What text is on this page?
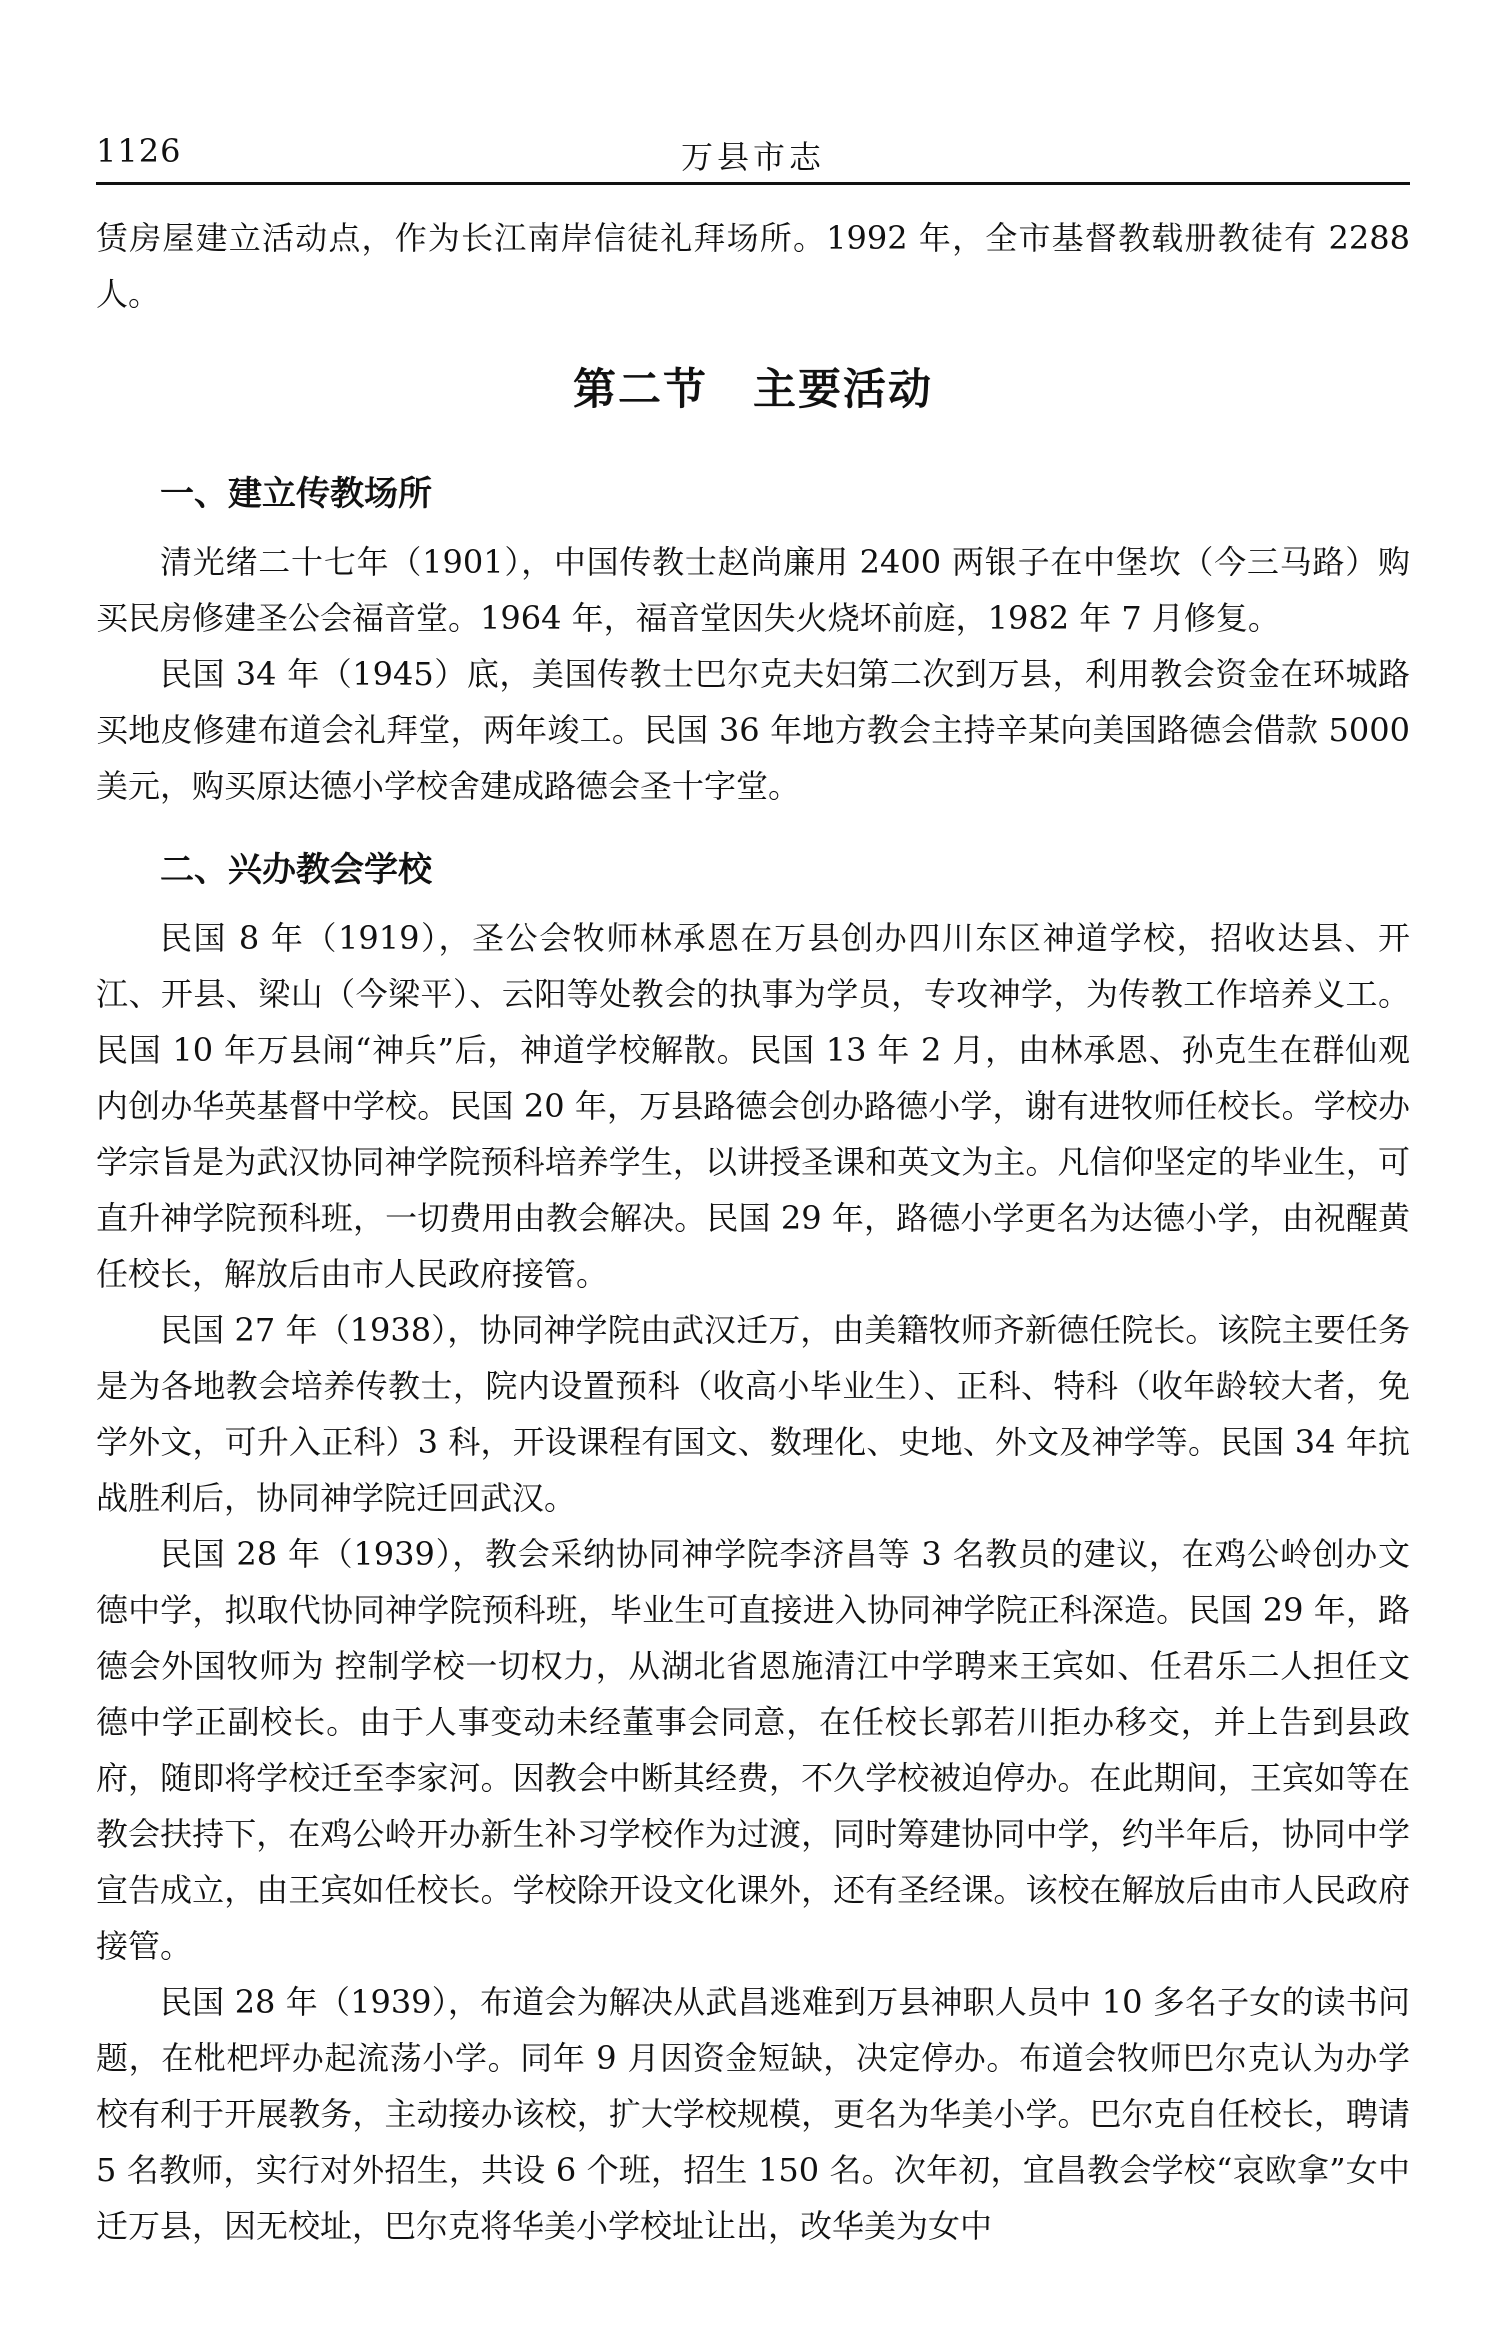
1126	万县市志

赁房屋建立活动点，作为长江南岸信徒礼拜场所。1992 年，全市基督教载册教徒有 2288 人。

第二节　主要活动
一、建立传教场所

清光绪二十七年（1901），中国传教士赵尚廉用 2400 两银子在中堡坎（今三马路）购买民房修建圣公会福音堂。1964 年，福音堂因失火烧坏前庭，1982 年 7 月修复。

民国 34 年（1945）底，美国传教士巴尔克夫妇第二次到万县，利用教会资金在环城路买地皮修建布道会礼拜堂，两年竣工。民国 36 年地方教会主持辛某向美国路德会借款 5000 美元，购买原达德小学校舍建成路德会圣十字堂。

二、兴办教会学校

民国 8 年（1919），圣公会牧师林承恩在万县创办四川东区神道学校，招收达县、开江、开县、梁山（今梁平）、云阳等处教会的执事为学员，专攻神学，为传教工作培养义工。民国 10 年万县闹“神兵”后，神道学校解散。民国 13 年 2 月，由林承恩、孙克生在群仙观内创办华英基督中学校。民国 20 年，万县路德会创办路德小学，谢有进牧师任校长。学校办学宗旨是为武汉协同神学院预科培养学生，以讲授圣课和英文为主。凡信仰坚定的毕业生，可直升神学院预科班，一切费用由教会解决。民国 29 年，路德小学更名为达德小学，由祝醒黄任校长，解放后由市人民政府接管。

民国 27 年（1938），协同神学院由武汉迁万，由美籍牧师齐新德任院长。该院主要任务是为各地教会培养传教士，院内设置预科（收高小毕业生）、正科、特科（收年龄较大者，免学外文，可升入正科）3 科，开设课程有国文、数理化、史地、外文及神学等。民国 34 年抗战胜利后，协同神学院迁回武汉。

民国 28 年（1939），教会采纳协同神学院李济昌等 3 名教员的建议，在鸡公岭创办文德中学，拟取代协同神学院预科班，毕业生可直接进入协同神学院正科深造。民国 29 年，路德会外国牧师为 控制学校一切权力，从湖北省恩施清江中学聘来王宾如、任君乐二人担任文德中学正副校长。由于人事变动未经董事会同意，在任校长郭若川拒办移交，并上告到县政府，随即将学校迁至李家河。因教会中断其经费，不久学校被迫停办。在此期间，王宾如等在教会扶持下，在鸡公岭开办新生补习学校作为过渡，同时筹建协同中学，约半年后，协同中学宣告成立，由王宾如任校长。学校除开设文化课外，还有圣经课。该校在解放后由市人民政府接管。

民国 28 年（1939），布道会为解决从武昌逃难到万县神职人员中 10 多名子女的读书问题，在枇杷坪办起流荡小学。同年 9 月因资金短缺，决定停办。布道会牧师巴尔克认为办学校有利于开展教务，主动接办该校，扩大学校规模，更名为华美小学。巴尔克自任校长，聘请 5 名教师，实行对外招生，共设 6 个班，招生 150 名。次年初，宜昌教会学校“哀欧拿”女中迁万县，因无校址，巴尔克将华美小学校址让出，改华美为女中
